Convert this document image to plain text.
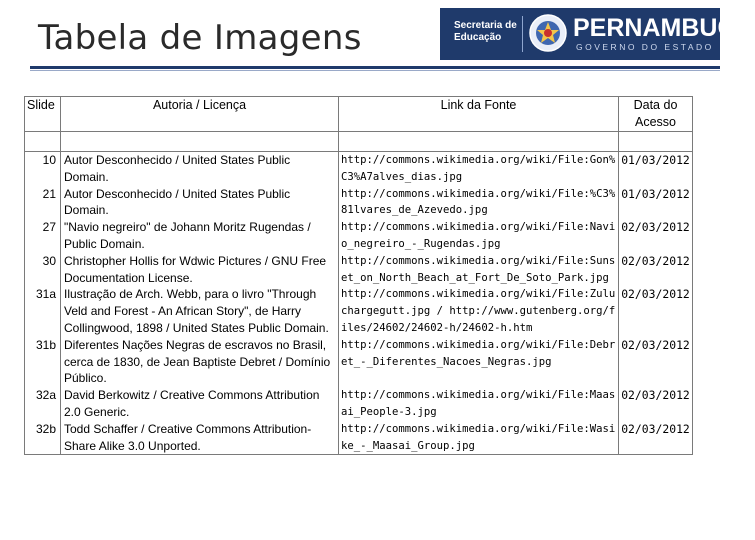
Tabela de Imagens	Secretaria de
Educação	PERNAMBUCO
GOVERNO DO ESTADO
Slide	Autoria / Licença	Link da Fonte	Data do Acesso

10	Autor Desconhecido / United States Public Domain.	http://commons.wikimedia.org/wiki/File:Gon%C3%A7alves_dias.jpg	01/03/2012
21	Autor Desconhecido / United States Public Domain.	http://commons.wikimedia.org/wiki/File:%C3%81lvares_de_Azevedo.jpg	01/03/2012
27	"Navio negreiro" de Johann Moritz Rugendas / Public Domain.	http://commons.wikimedia.org/wiki/File:Navio_negreiro_-_Rugendas.jpg	02/03/2012
30	Christopher Hollis for Wdwic Pictures / GNU Free Documentation License.	http://commons.wikimedia.org/wiki/File:Sunset_on_North_Beach_at_Fort_De_Soto_Park.jpg	02/03/2012
31a	Ilustração de Arch. Webb, para o livro "Through Veld and Forest - An African Story", de Harry Collingwood, 1898 / United States Public Domain.	http://commons.wikimedia.org/wiki/File:Zuluchargegutt.jpg / http://www.gutenberg.org/files/24602/24602-h/24602-h.htm	02/03/2012
31b	Diferentes Nações Negras de escravos no Brasil, cerca de 1830, de Jean Baptiste Debret / Domínio Público.	http://commons.wikimedia.org/wiki/File:Debret_-_Diferentes_Nacoes_Negras.jpg	02/03/2012
32a	David Berkowitz / Creative Commons Attribution 2.0 Generic.	http://commons.wikimedia.org/wiki/File:Maasai_People-3.jpg	02/03/2012
32b	Todd Schaffer / Creative Commons Attribution-Share Alike 3.0 Unported.	http://commons.wikimedia.org/wiki/File:Wasike_-_Maasai_Group.jpg	02/03/2012
